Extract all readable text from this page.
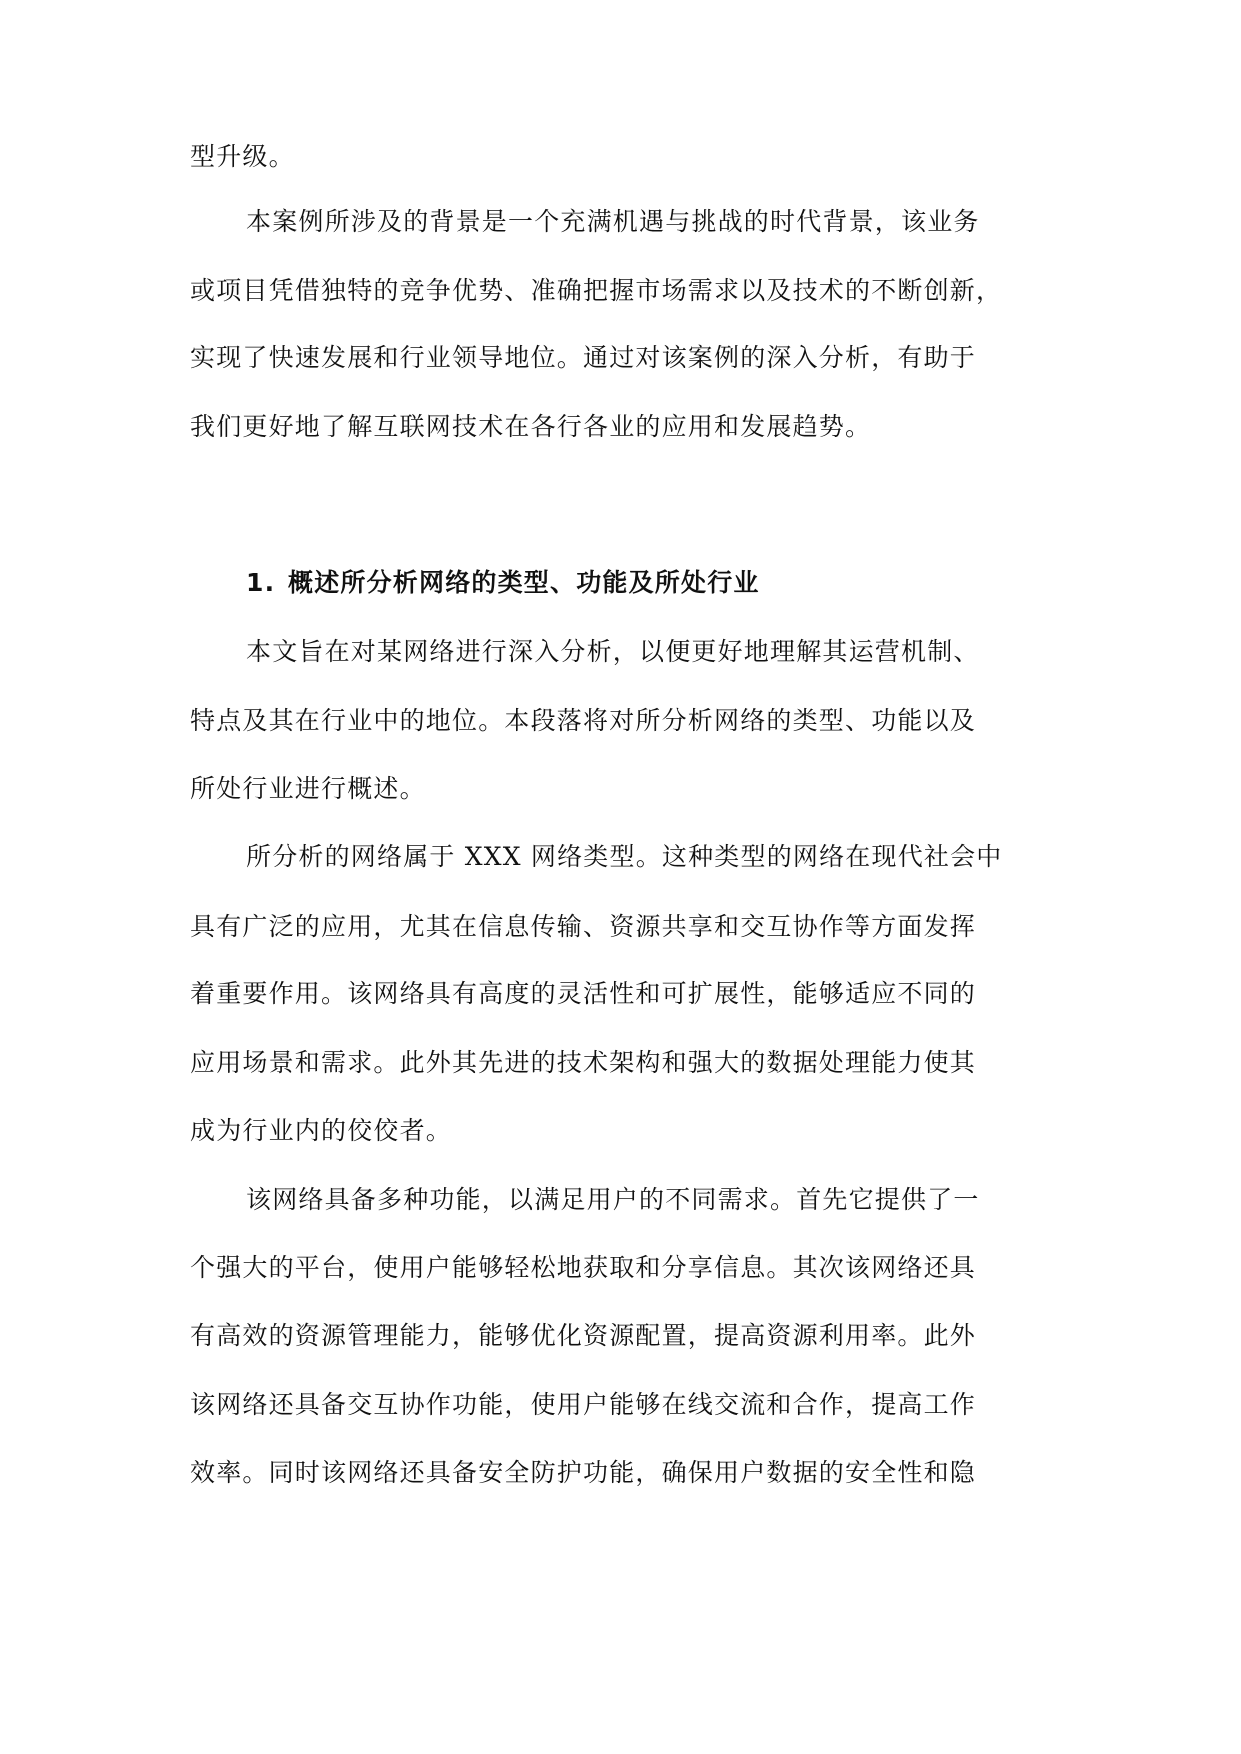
型升级。

本案例所涉及的背景是一个充满机遇与挑战的时代背景，该业务

或项目凭借独特的竞争优势、准确把握市场需求以及技术的不断创新，

实现了快速发展和行业领导地位。通过对该案例的深入分析，有助于

我们更好地了解互联网技术在各行各业的应用和发展趋势。

1. 概述所分析网络的类型、功能及所处行业

本文旨在对某网络进行深入分析，以便更好地理解其运营机制、

特点及其在行业中的地位。本段落将对所分析网络的类型、功能以及

所处行业进行概述。

所分析的网络属于 XXX 网络类型。这种类型的网络在现代社会中

具有广泛的应用，尤其在信息传输、资源共享和交互协作等方面发挥

着重要作用。该网络具有高度的灵活性和可扩展性，能够适应不同的

应用场景和需求。此外其先进的技术架构和强大的数据处理能力使其

成为行业内的佼佼者。

该网络具备多种功能，以满足用户的不同需求。首先它提供了一

个强大的平台，使用户能够轻松地获取和分享信息。其次该网络还具

有高效的资源管理能力，能够优化资源配置，提高资源利用率。此外

该网络还具备交互协作功能，使用户能够在线交流和合作，提高工作

效率。同时该网络还具备安全防护功能，确保用户数据的安全性和隐
